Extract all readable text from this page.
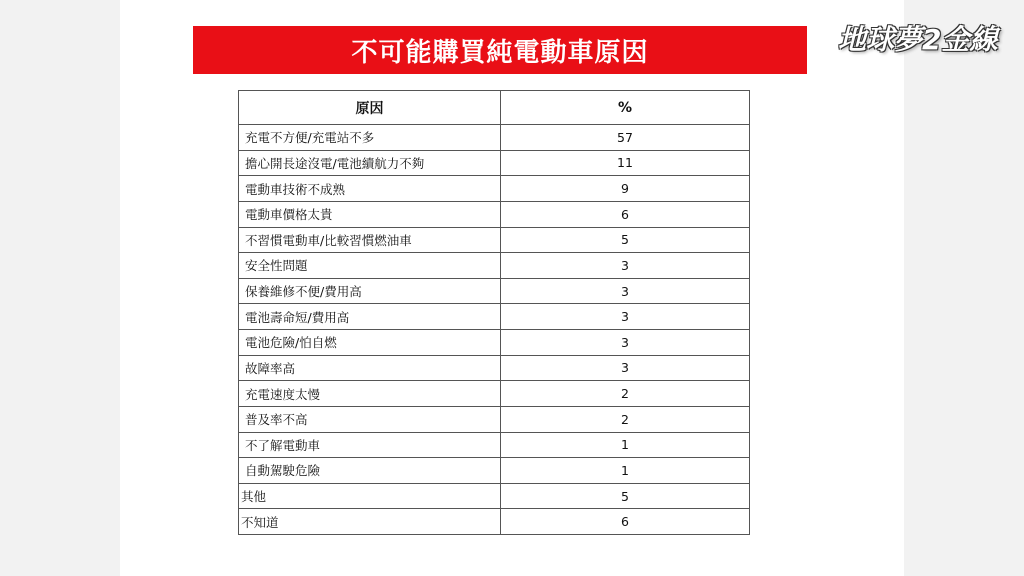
不可能購買純電動車原因	地球夢2金線
原因	%
充電不方便/充電站不多	57
擔心開長途沒電/電池續航力不夠	11
電動車技術不成熟	9
電動車價格太貴	6
不習慣電動車/比較習慣燃油車	5
安全性問題	3
保養維修不便/費用高	3
電池壽命短/費用高	3
電池危險/怕自燃	3
故障率高	3
充電速度太慢	2
普及率不高	2
不了解電動車	1
自動駕駛危險	1
其他	5
不知道	6
